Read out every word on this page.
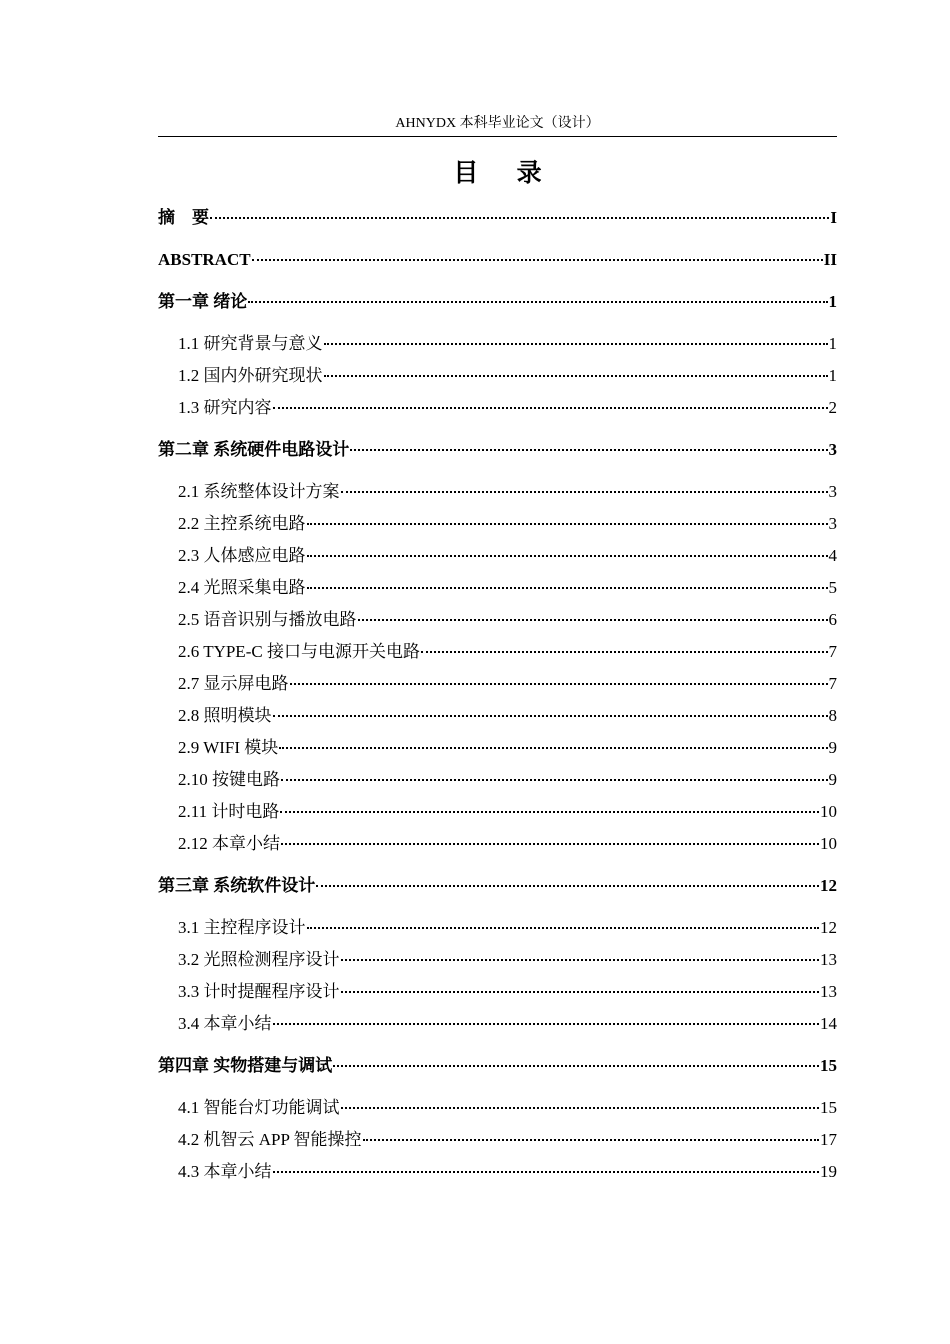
AHNYDX 本科毕业论文（设计）
目 录
摘　要	I
ABSTRACT	II
第一章 绪论	1
1.1 研究背景与意义	1
1.2 国内外研究现状	1
1.3 研究内容	2
第二章 系统硬件电路设计	3
2.1 系统整体设计方案	3
2.2 主控系统电路	3
2.3 人体感应电路	4
2.4 光照采集电路	5
2.5 语音识别与播放电路	6
2.6 TYPE-C 接口与电源开关电路	7
2.7 显示屏电路	7
2.8 照明模块	8
2.9 WIFI 模块	9
2.10 按键电路	9
2.11 计时电路	10
2.12 本章小结	10
第三章 系统软件设计	12
3.1 主控程序设计	12
3.2 光照检测程序设计	13
3.3 计时提醒程序设计	13
3.4 本章小结	14
第四章 实物搭建与调试	15
4.1 智能台灯功能调试	15
4.2 机智云 APP 智能操控	17
4.3 本章小结	19
